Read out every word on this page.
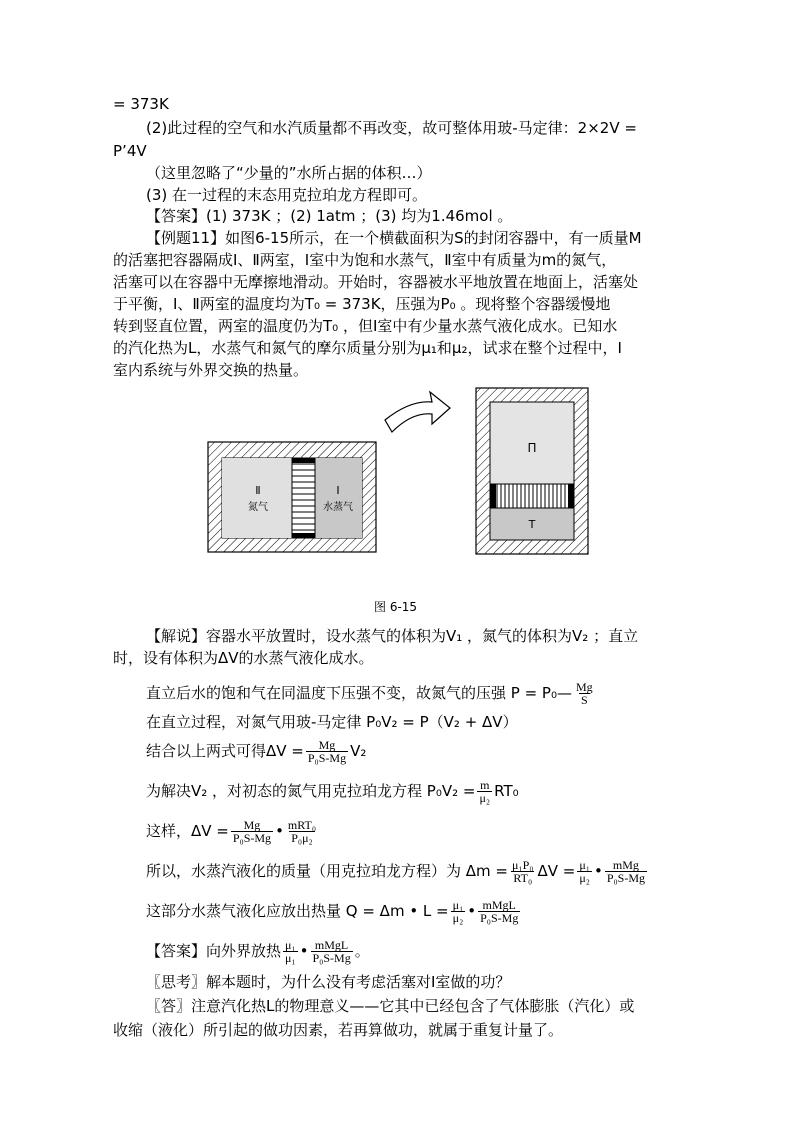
= 373K
(2)此过程的空气和水汽质量都不再改变，故可整体用玻-马定律：2×2V =
P’4V
（这里忽略了“少量的”水所占据的体积…）
(3) 在一过程的末态用克拉珀龙方程即可。
【答案】(1) 373K ；(2) 1atm ；(3) 均为1.46mol 。
【例题11】如图6-15所示，在一个横截面积为S的封闭容器中，有一质量M
的活塞把容器隔成Ⅰ、Ⅱ两室，Ⅰ室中为饱和水蒸气，Ⅱ室中有质量为m的氮气，
活塞可以在容器中无摩擦地滑动。开始时，容器被水平地放置在地面上，活塞处
于平衡，Ⅰ、Ⅱ两室的温度均为T₀ = 373K，压强为P₀ 。现将整个容器缓慢地
转到竖直位置，两室的温度仍为T₀ ，但Ⅰ室中有少量水蒸气液化成水。已知水
的汽化热为L，水蒸气和氮气的摩尔质量分别为μ₁和μ₂，试求在整个过程中，Ⅰ
室内系统与外界交换的热量。
Ⅱ
氮气
Ⅰ
水蒸气
Π
Τ
图 6-15
【解说】容器水平放置时，设水蒸气的体积为V₁ ，氮气的体积为V₂ ；直立
时，设有体积为ΔV的水蒸气液化成水。
直立后水的饱和气在同温度下压强不变，故氮气的压强 P = P₀— $\frac{Mg}{S}$
在直立过程，对氮气用玻-马定律 P₀V₂ = P（V₂ + ΔV）
结合以上两式可得$\Delta V = \frac{Mg}{\text{P₀S-Mg}} V_2$
为解决V₂ ，对初态的氮气用克拉珀龙方程 $P_0V_2 = \frac{m}{\text{μ₂}} RT_0$
这样，$\Delta V = \frac{Mg}{\text{P₀S-Mg}}$ • $\frac{\text{mRT₀}}{\text{P₀μ₂}}$
所以，水蒸汽液化的质量（用克拉珀龙方程）为 $\Delta m = \frac{\text{μ₁P₀}}{\text{RT₀}}$ $\Delta V = \frac{\text{μ₁}}{\text{μ₂}}$ • $\frac{\text{mMg}}{\text{P₀S-Mg}}$
这部分水蒸气液化应放出热量 Q = Δm • $L = \frac{\text{μ₁}}{\text{μ₂}}$ • $\frac{\text{mMgL}}{\text{P₀S-Mg}}$
【答案】向外界放热 $\frac{\text{μ₁}}{\text{μ₁}}$ • $\frac{\text{mMgL}}{\text{P₀S-Mg}}$ 。
〖思考〗解本题时，为什么没有考虑活塞对Ⅰ室做的功？
〖答〗注意汽化热L的物理意义——它其中已经包含了气体膨胀（汽化）或
收缩（液化）所引起的做功因素，若再算做功，就属于重复计量了。
